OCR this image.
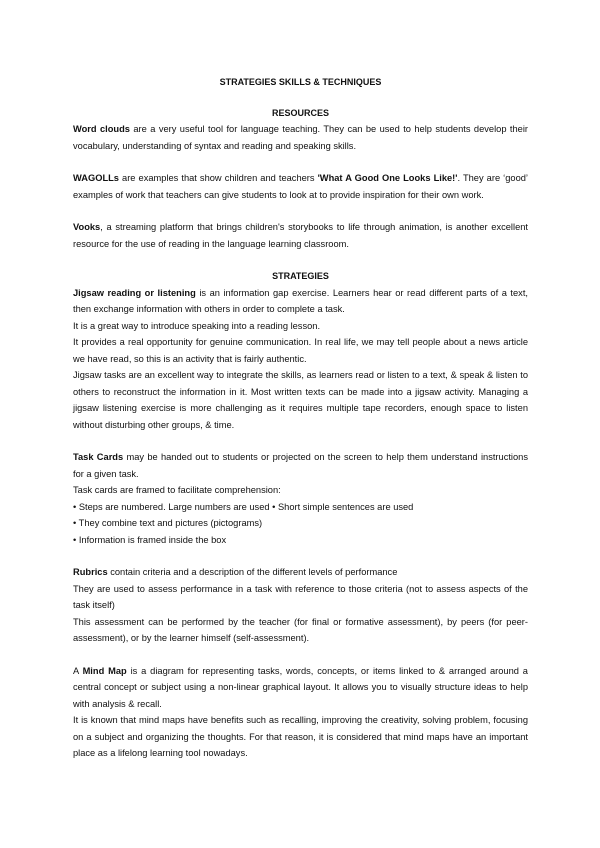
STRATEGIES SKILLS & TECHNIQUES
RESOURCES

Word clouds are a very useful tool for language teaching. They can be used to help students develop their vocabulary, understanding of syntax and reading and speaking skills.

WAGOLLs are examples that show children and teachers 'What A Good One Looks Like!'. They are ‘good’ examples of work that teachers can give students to look at to provide inspiration for their own work.

Vooks, a streaming platform that brings children's storybooks to life through animation, is another excellent resource for the use of reading in the language learning classroom.

STRATEGIES

Jigsaw reading or listening is an information gap exercise. Learners hear or read different parts of a text, then exchange information with others in order to complete a task.

It is a great way to introduce speaking into a reading lesson.

It provides a real opportunity for genuine communication. In real life, we may tell people about a news article we have read, so this is an activity that is fairly authentic.

Jigsaw tasks are an excellent way to integrate the skills, as learners read or listen to a text, & speak & listen to others to reconstruct the information in it. Most written texts can be made into a jigsaw activity. Managing a jigsaw listening exercise is more challenging as it requires multiple tape recorders, enough space to listen without disturbing other groups, & time.

Task Cards may be handed out to students or projected on the screen to help them understand instructions for a given task.

Task cards are framed to facilitate comprehension:

• Steps are numbered. Large numbers are used • Short simple sentences are used

• They combine text and pictures (pictograms)

• Information is framed inside the box

Rubrics contain criteria and a description of the different levels of performance

They are used to assess performance in a task with reference to those criteria (not to assess aspects of the task itself)

This assessment can be performed by the teacher (for final or formative assessment), by peers (for peer-assessment), or by the learner himself (self-assessment).

A Mind Map is a diagram for representing tasks, words, concepts, or items linked to & arranged around a central concept or subject using a non-linear graphical layout. It allows you to visually structure ideas to help with analysis & recall.

It is known that mind maps have benefits such as recalling, improving the creativity, solving problem, focusing on a subject and organizing the thoughts. For that reason, it is considered that mind maps have an important place as a lifelong learning tool nowadays.
